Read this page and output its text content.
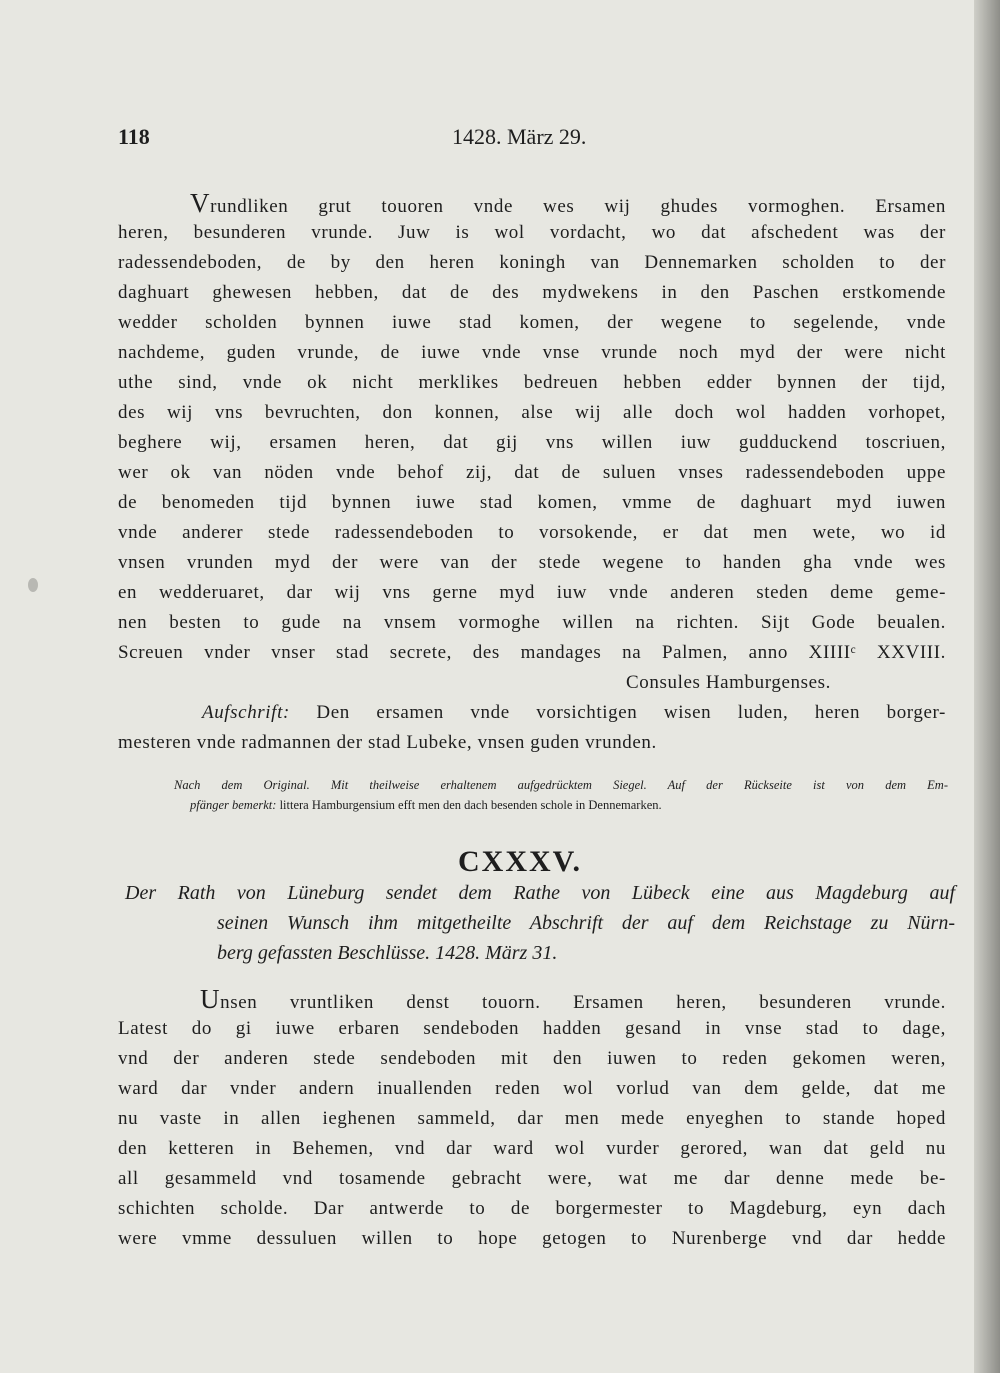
118	1428. März 29.
Vrundliken grut touoren vnde wes wij ghudes vormoghen. Ersamen
heren, besunderen vrunde. Juw is wol vordacht, wo dat afschedent was der
radessendeboden, de by den heren koningh van Dennemarken scholden to der
daghuart ghewesen hebben, dat de des mydwekens in den Paschen erstkomende
wedder scholden bynnen iuwe stad komen, der wegene to segelende, vnde
nachdeme, guden vrunde, de iuwe vnde vnse vrunde noch myd der were nicht
uthe sind, vnde ok nicht merklikes bedreuen hebben edder bynnen der tijd,
des wij vns bevruchten, don konnen, alse wij alle doch wol hadden vorhopet,
beghere wij, ersamen heren, dat gij vns willen iuw gudduckend toscriuen,
wer ok van nöden vnde behof zij, dat de suluen vnses radessendeboden uppe
de benomeden tijd bynnen iuwe stad komen, vmme de daghuart myd iuwen
vnde anderer stede radessendeboden to vorsokende, er dat men wete, wo id
vnsen vrunden myd der were van der stede wegene to handen gha vnde wes
en wedderuaret, dar wij vns gerne myd iuw vnde anderen steden deme geme-
nen besten to gude na vnsem vormoghe willen na richten. Sijt Gode beualen.
Screuen vnder vnser stad secrete, des mandages na Palmen, anno XIIIIᶜ XXVIII.
Consules Hamburgenses.
Aufschrift: Den ersamen vnde vorsichtigen wisen luden, heren borger-
mesteren vnde radmannen der stad Lubeke, vnsen guden vrunden.
Nach dem Original. Mit theilweise erhaltenem aufgedrücktem Siegel. Auf der Rückseite ist von dem Em-
pfänger bemerkt: littera Hamburgensium efft men den dach besenden schole in Dennemarken.
CXXXV.
Der Rath von Lüneburg sendet dem Rathe von Lübeck eine aus Magdeburg auf
seinen Wunsch ihm mitgetheilte Abschrift der auf dem Reichstage zu Nürn-
berg gefassten Beschlüsse. 1428. März 31.
Unsen vruntliken denst touorn. Ersamen heren, besunderen vrunde.
Latest do gi iuwe erbaren sendeboden hadden gesand in vnse stad to dage,
vnd der anderen stede sendeboden mit den iuwen to reden gekomen weren,
ward dar vnder andern inuallenden reden wol vorlud van dem gelde, dat me
nu vaste in allen ieghenen sammeld, dar men mede enyeghen to stande hoped
den ketteren in Behemen, vnd dar ward wol vurder gerored, wan dat geld nu
all gesammeld vnd tosamende gebracht were, wat me dar denne mede be-
schichten scholde. Dar antwerde to de borgermester to Magdeburg, eyn dach
were vmme dessuluen willen to hope getogen to Nurenberge vnd dar hedde
